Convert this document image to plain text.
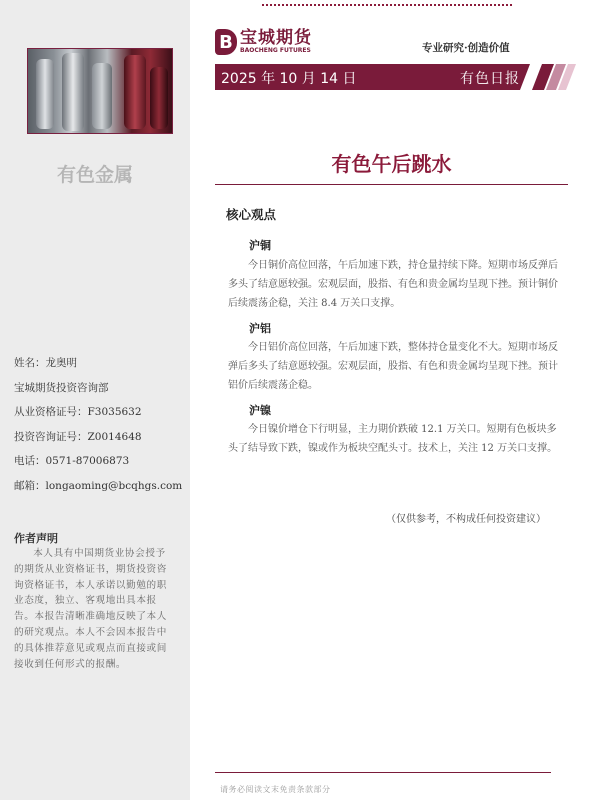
有色金属
姓名：龙奥明
宝城期货投资咨询部
从业资格证号：F3035632
投资咨询证号：Z0014648
电话：0571-87006873
邮箱：longaoming@bcqhgs.com
作者声明
本人具有中国期货业协会授予的期货从业资格证书，期货投资咨询资格证书，本人承诺以勤勉的职业态度，独立、客观地出具本报告。本报告清晰准确地反映了本人的研究观点。本人不会因本报告中的具体推荐意见或观点而直接或间接收到任何形式的报酬。
B 宝城期货
BAOCHENG FUTURES	专业研究·创造价值
2025 年 10 月 14 日	有色日报
有色午后跳水
核心观点
沪铜
今日铜价高位回落，午后加速下跌，持仓量持续下降。短期市场反弹后多头了结意愿较强。宏观层面，股指、有色和贵金属均呈现下挫。预计铜价后续震荡企稳，关注 8.4 万关口支撑。
沪铝
今日铝价高位回落，午后加速下跌，整体持仓量变化不大。短期市场反弹后多头了结意愿较强。宏观层面，股指、有色和贵金属均呈现下挫。预计铝价后续震荡企稳。
沪镍
今日镍价增仓下行明显，主力期价跌破 12.1 万关口。短期有色板块多头了结导致下跌，镍或作为板块空配头寸。技术上，关注 12 万关口支撑。
（仅供参考，不构成任何投资建议）
请务必阅读文末免责条款部分
